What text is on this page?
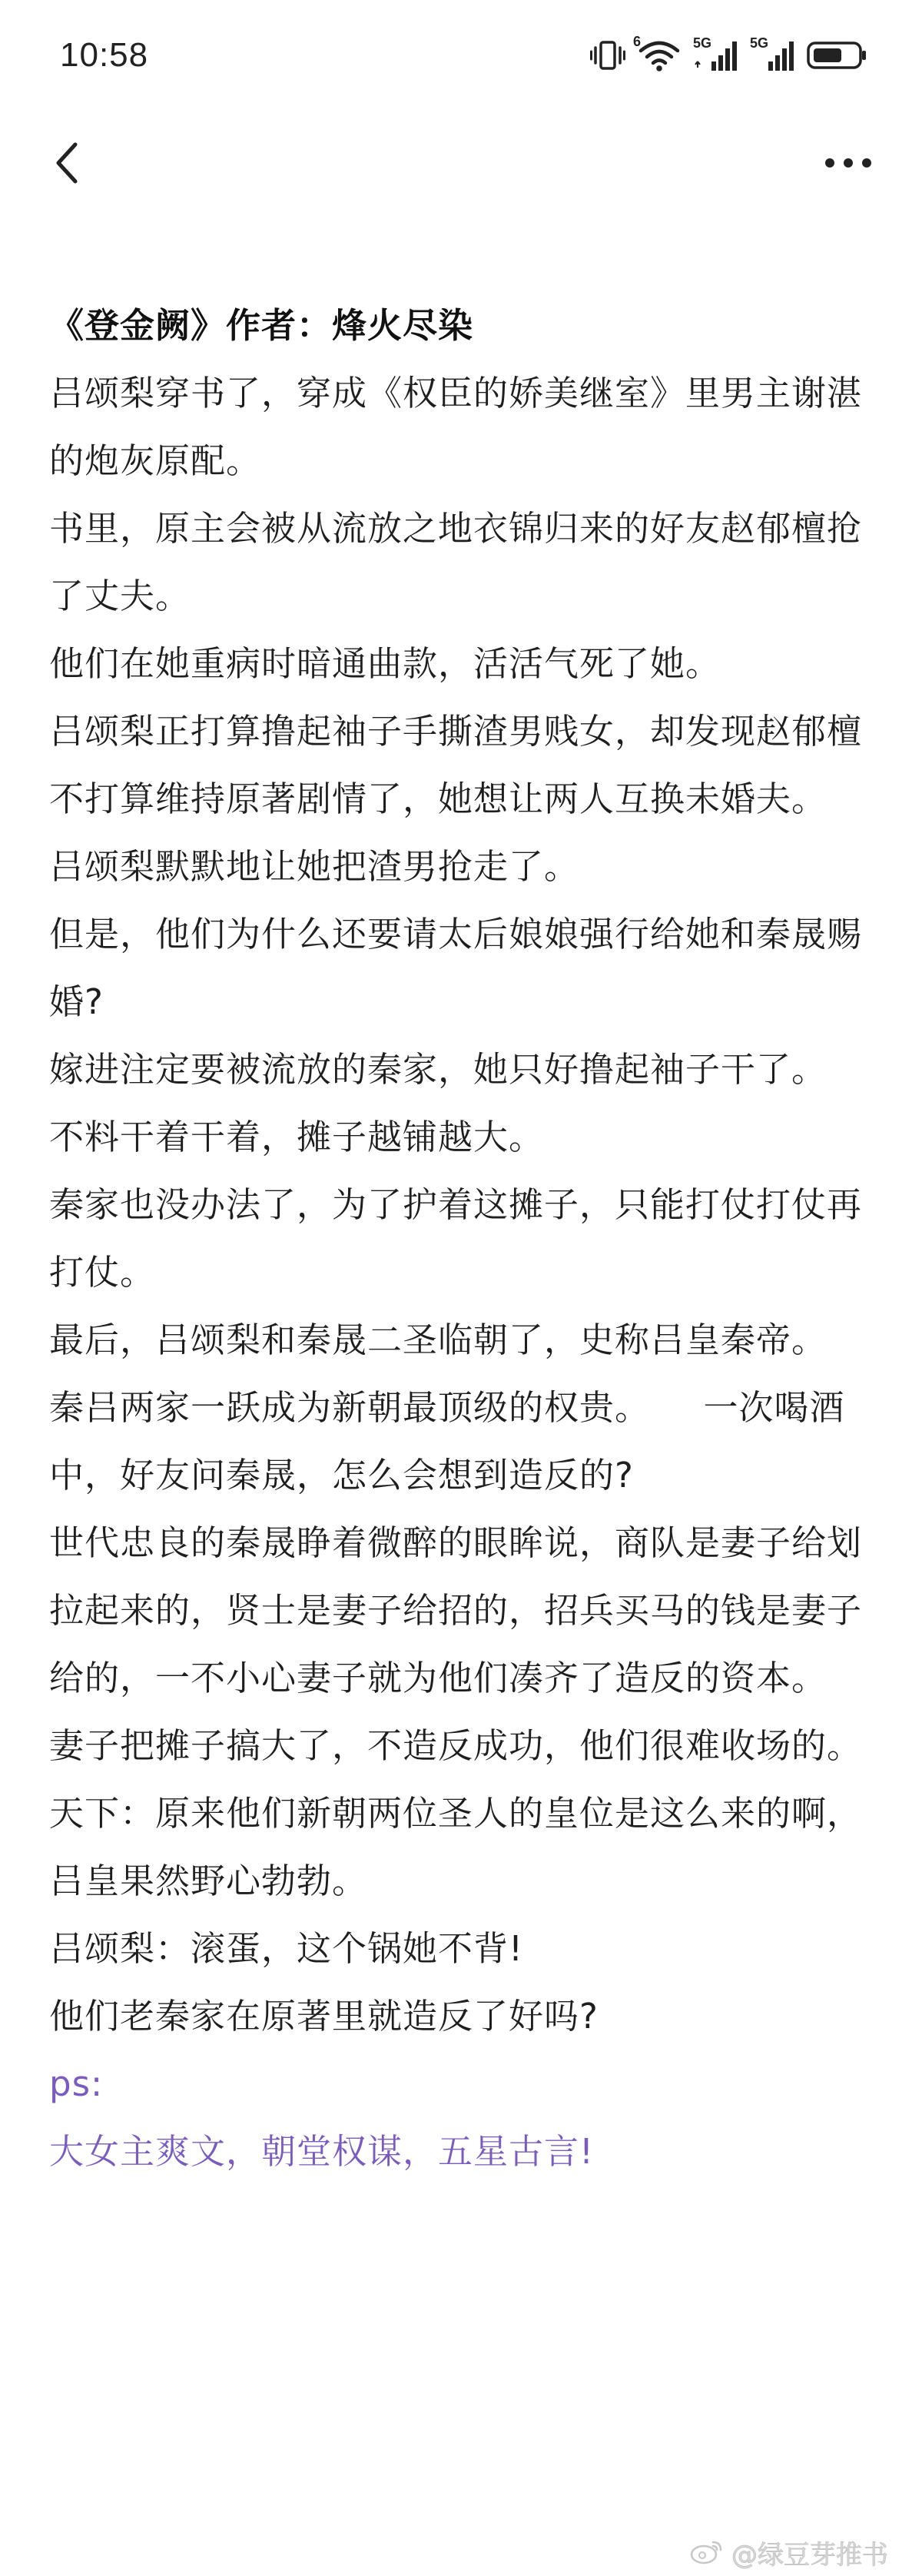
10:58	6	5G	5G

《登金阙》作者：烽火尽染

吕颂梨穿书了，穿成《权臣的娇美继室》里男主谢湛的炮灰原配。

书里，原主会被从流放之地衣锦归来的好友赵郁檀抢了丈夫。

他们在她重病时暗通曲款，活活气死了她。

吕颂梨正打算撸起袖子手撕渣男贱女，却发现赵郁檀不打算维持原著剧情了，她想让两人互换未婚夫。

吕颂梨默默地让她把渣男抢走了。

但是，他们为什么还要请太后娘娘强行给她和秦晟赐婚?

嫁进注定要被流放的秦家，她只好撸起袖子干了。

不料干着干着，摊子越铺越大。

秦家也没办法了，为了护着这摊子，只能打仗打仗再打仗。

最后，吕颂梨和秦晟二圣临朝了，史称吕皇秦帝。

秦吕两家一跃成为新朝最顶级的权贵。　　一次喝酒中，好友问秦晟，怎么会想到造反的?

世代忠良的秦晟睁着微醉的眼眸说，商队是妻子给划拉起来的，贤士是妻子给招的，招兵买马的钱是妻子给的，一不小心妻子就为他们凑齐了造反的资本。

妻子把摊子搞大了，不造反成功，他们很难收场的。

天下：原来他们新朝两位圣人的皇位是这么来的啊，吕皇果然野心勃勃。

吕颂梨：滚蛋，这个锅她不背!

他们老秦家在原著里就造反了好吗?

ps:

大女主爽文，朝堂权谋，五星古言!

@绿豆芽推书
